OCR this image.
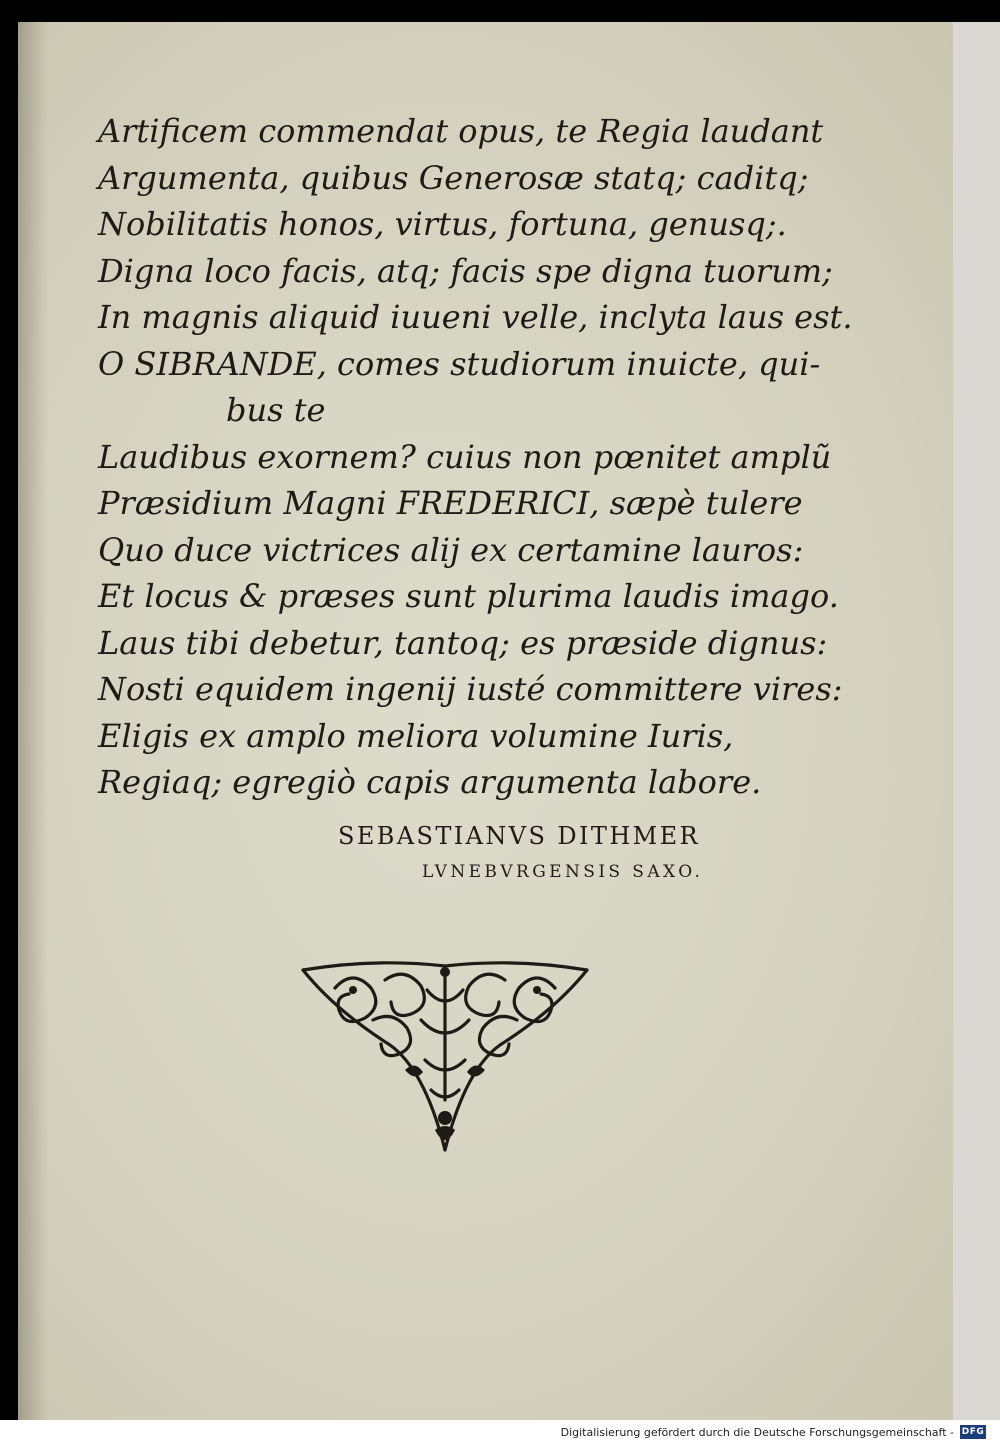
Artificem commendat opus, te Regia laudant
Argumenta, quibus Generosæ statq; caditq;
Nobilitatis honos, virtus, fortuna, genusq;.
Digna loco facis, atq; facis spe digna tuorum;
In magnis aliquid iuueni velle, inclyta laus est.
O SIBRANDE, comes studiorum inuicte, qui-
bus te
Laudibus exornem? cuius non pœnitet amplũ
Præsidium Magni FREDERICI, sæpè tulere
Quo duce victrices alij ex certamine lauros:
Et locus & præses sunt plurima laudis imago.
Laus tibi debetur, tantoq; es præside dignus:
Nosti equidem ingenij iusté committere vires:
Eligis ex amplo meliora volumine Iuris,
Regiaq; egregiò capis argumenta labore.
SEBASTIANVS DITHMER
LVNEBVRGENSIS SAXO.
Digitalisierung gefördert durch die Deutsche Forschungsgemeinschaft - DFG
